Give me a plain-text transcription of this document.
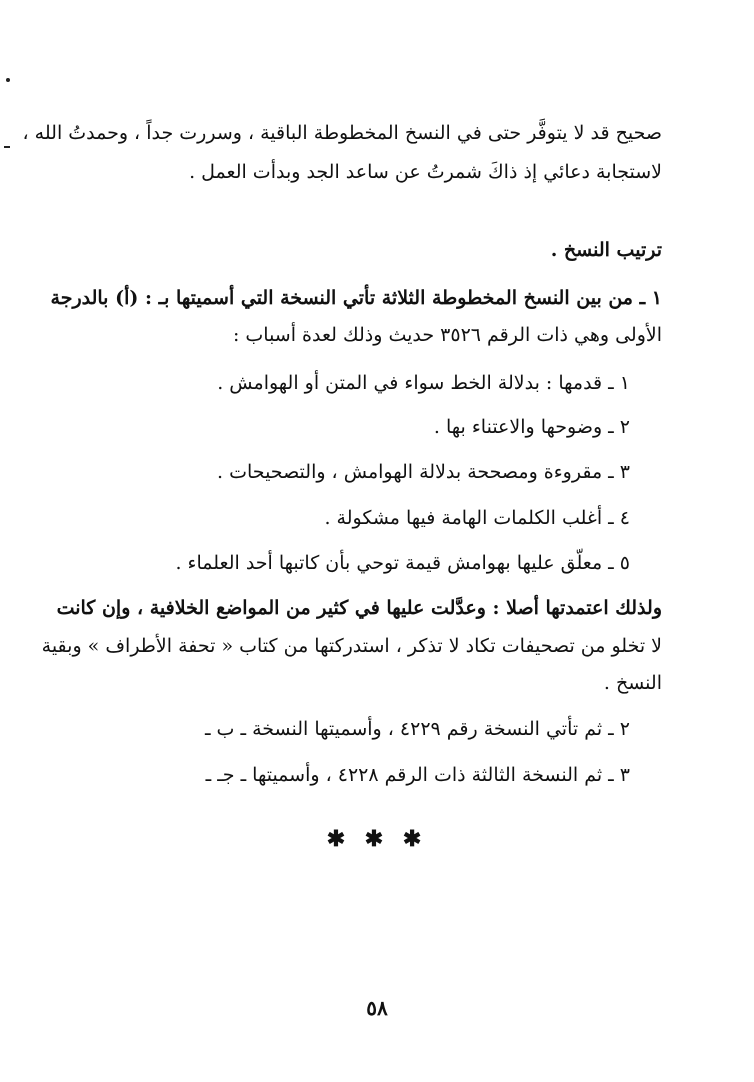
صحيح قد لا يتوفَّر حتى في النسخ المخطوطة الباقية ، وسررت جداً ، وحمدتُ الله ،
لاستجابة دعائي إذ ذاكَ شمرتُ عن ساعد الجد وبدأت العمل .
ترتيب النسخ .
١ ـ من بين النسخ المخطوطة الثلاثة تأتي النسخة التي أسميتها بـ : (أ) بالدرجة
الأولى وهي ذات الرقم ٣٥٢٦ حديث وذلك لعدة أسباب :
١ ـ قدمها : بدلالة الخط سواء في المتن أو الهوامش .
٢ ـ وضوحها والاعتناء بها .
٣ ـ مقروءة ومصححة بدلالة الهوامش ، والتصحيحات .
٤ ـ أغلب الكلمات الهامة فيها مشكولة .
٥ ـ معلّق عليها بهوامش قيمة توحي بأن كاتبها أحد العلماء .
ولذلك اعتمدتها أصلا : وعدَّلت عليها في كثير من المواضع الخلافية ، وإن كانت
لا تخلو من تصحيفات تكاد لا تذكر ، استدركتها من كتاب « تحفة الأطراف » وبقية
النسخ .
٢ ـ ثم تأتي النسخة رقم ٤٢٢٩ ، وأسميتها النسخة ـ ب ـ
٣ ـ ثم النسخة الثالثة ذات الرقم ٤٢٢٨ ، وأسميتها ـ جـ ـ
✱ ✱ ✱
٥٨
